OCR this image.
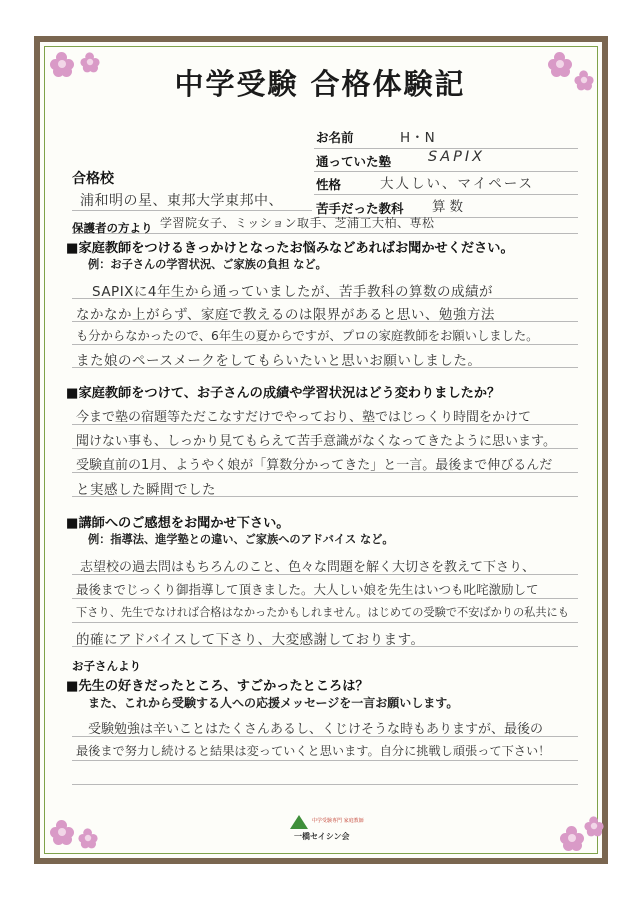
中学受験 合格体験記
お名前	H・N
通っていた塾	SAPIX
性格	大人しい、マイペース
苦手だった教科 算数
合格校
浦和明の星、東邦大学東邦中、
学習院女子、ミッション取手、芝浦工大柏、専松
保護者の方より
■家庭教師をつけるきっかけとなったお悩みなどあればお聞かせください。
例：お子さんの学習状況、ご家族の負担 など。
SAPIXに4年生から通っていましたが、苦手教科の算数の成績が
なかなか上がらず、家庭で教えるのは限界があると思い、勉強方法
も分からなかったので、6年生の夏からですが、プロの家庭教師をお願いしました。
また娘のペースメークをしてもらいたいと思いお願いしました。
■家庭教師をつけて、お子さんの成績や学習状況はどう変わりましたか？
今まで塾の宿題等ただこなすだけでやっており、塾ではじっくり時間をかけて
聞けない事も、しっかり見てもらえて苦手意識がなくなってきたように思います。
受験直前の1月、ようやく娘が「算数分かってきた」と一言。最後まで伸びるんだ
と実感した瞬間でした
■講師へのご感想をお聞かせ下さい。
例：指導法、進学塾との違い、ご家族へのアドバイス など。
志望校の過去問はもちろんのこと、色々な問題を解く大切さを教えて下さり、
最後までじっくり御指導して頂きました。大人しい娘を先生はいつも叱咤激励して
下さり、先生でなければ合格はなかったかもしれません。はじめての受験で不安ばかりの私共にも
的確にアドバイスして下さり、大変感謝しております。
お子さんより
■先生の好きだったところ、すごかったところは？
また、これから受験する人への応援メッセージを一言お願いします。
受験勉強は辛いことはたくさんあるし、くじけそうな時もありますが、最後の
最後まで努力し続けると結果は変っていくと思います。自分に挑戦し頑張って下さい！
中学受験専門 家庭教師
一橋セイシン会
